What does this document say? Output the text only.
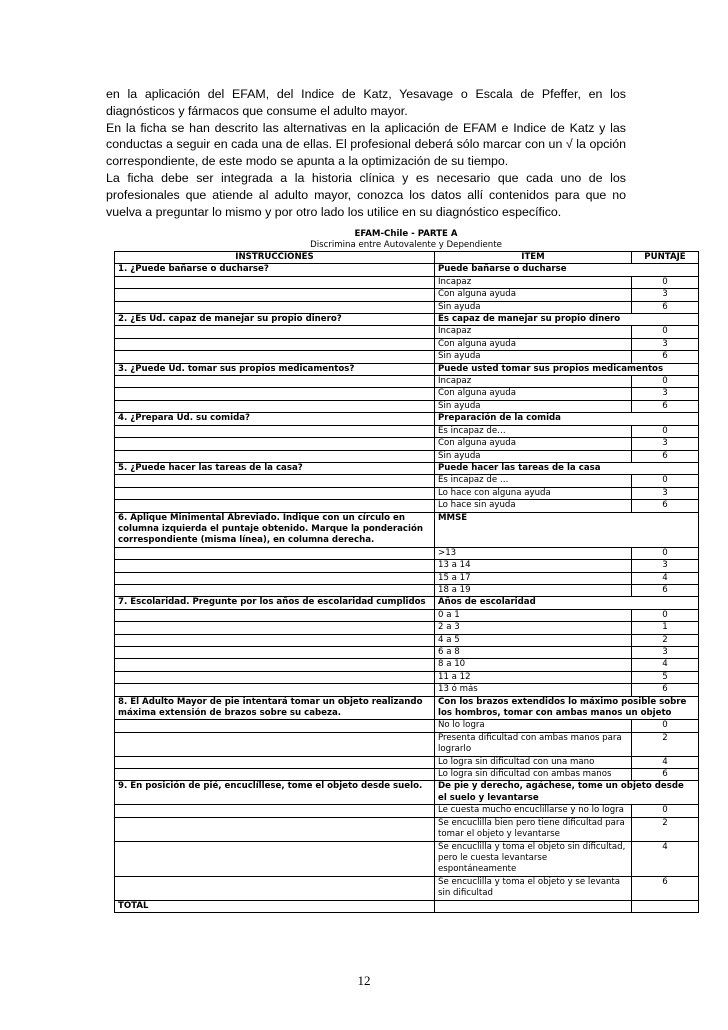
en la aplicación del EFAM, del Indice de Katz, Yesavage o Escala de Pfeffer, en los diagnósticos y fármacos que consume el adulto mayor.

En la ficha se han descrito las alternativas en la aplicación de EFAM e Indice de Katz y las conductas a seguir en cada una de ellas. El profesional deberá sólo marcar con un √ la opción correspondiente, de este modo se apunta a la optimización de su tiempo.

La ficha debe ser integrada a la historia clínica y es necesario que cada uno de los profesionales que atiende al adulto mayor, conozca los datos allí contenidos para que no vuelva a preguntar lo mismo y por otro lado los utilice en su diagnóstico específico.

EFAM-Chile - PARTE A
Discrimina entre Autovalente y Dependiente
INSTRUCCIONES	ITEM	PUNTAJE
1. ¿Puede bañarse o ducharse?	Puede bañarse o ducharse	
	Incapaz	0
	Con alguna ayuda	3
	Sin ayuda	6
2. ¿Es Ud. capaz de manejar su propio dinero?	Es capaz de manejar su propio dinero	
	Incapaz	0
	Con alguna ayuda	3
	Sin ayuda	6
3. ¿Puede Ud. tomar sus propios medicamentos?	Puede usted tomar sus propios medicamentos	
	Incapaz	0
	Con alguna ayuda	3
	Sin ayuda	6
4. ¿Prepara Ud. su comida?	Preparación de la comida	
	Es incapaz de…	0
	Con alguna ayuda	3
	Sin ayuda	6
5. ¿Puede hacer las tareas de la casa?	Puede hacer las tareas de la casa	
	Es incapaz de …	0
	Lo hace con alguna ayuda	3
	Lo hace sin ayuda	6
6. Aplique Minimental Abreviado. Indique con un círculo en columna izquierda el puntaje obtenido. Marque la ponderación correspondiente (misma línea), en columna derecha.	MMSE	
	>13	0
	13 a 14	3
	15 a 17	4
	18 a 19	6
7. Escolaridad. Pregunte por los años de escolaridad cumplidos	Años de escolaridad	
	0 a 1	0
	2 a 3	1
	4 a 5	2
	6 a 8	3
	8 a 10	4
	11 a 12	5
	13 ó más	6
8. El Adulto Mayor de pie intentará tomar un objeto realizando máxima extensión de brazos sobre su cabeza.	Con los brazos extendidos lo máximo posible sobre los hombros, tomar con ambas manos un objeto	
	No lo logra	0
	Presenta dificultad con ambas manos para lograrlo	2
	Lo logra sin dificultad con una mano	4
	Lo logra sin dificultad con ambas manos	6
9. En posición de pié, encuclíllese, tome el objeto desde suelo.	De pie y derecho, agáchese, tome un objeto desde el suelo y levantarse	
	Le cuesta mucho encuclillarse y no lo logra	0
	Se encuclilla bien pero tiene dificultad para tomar el objeto y levantarse	2
	Se encuclilla y toma el objeto sin dificultad, pero le cuesta levantarse espontáneamente	4
	Se encuclilla y toma el objeto y se levanta sin dificultad	6
TOTAL		
12
